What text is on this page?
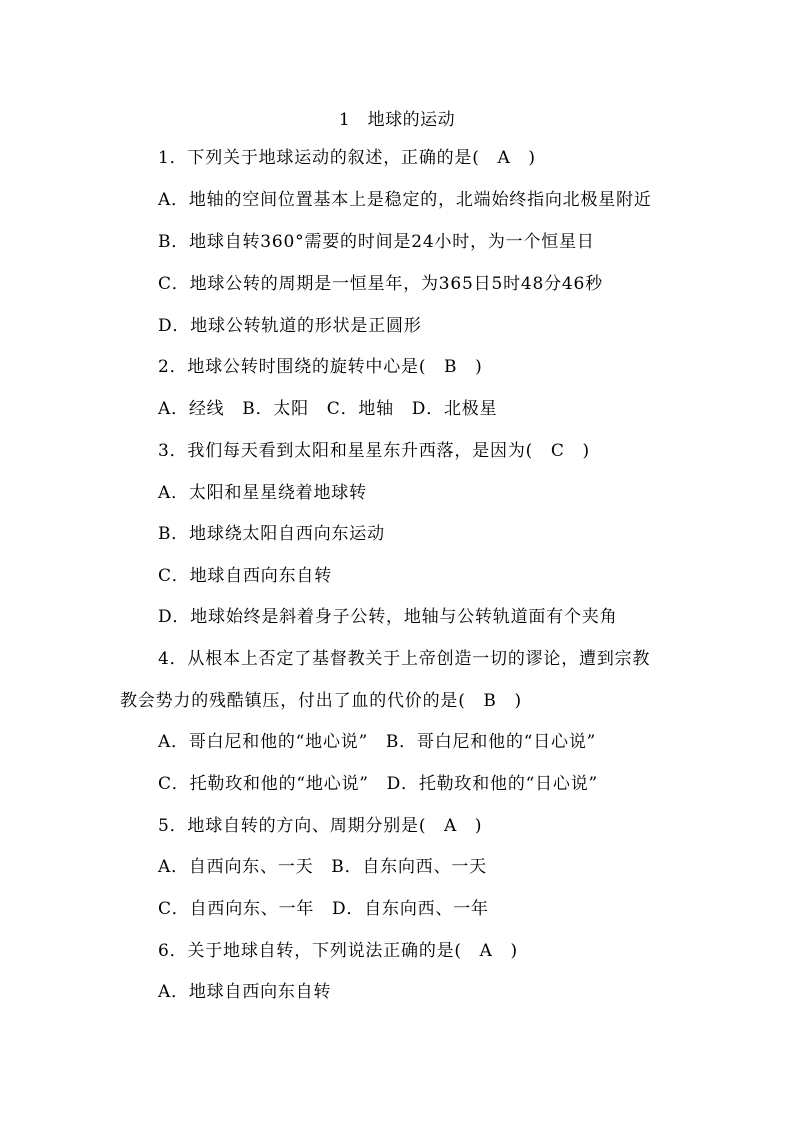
1　地球的运动
1．下列关于地球运动的叙述，正确的是(　A　)
A．地轴的空间位置基本上是稳定的，北端始终指向北极星附近
B．地球自转360°需要的时间是24小时，为一个恒星日
C．地球公转的周期是一恒星年，为365日5时48分46秒
D．地球公转轨道的形状是正圆形
2．地球公转时围绕的旋转中心是(　B　)
A．经线　B．太阳　C．地轴　D．北极星
3．我们每天看到太阳和星星东升西落，是因为(　C　)
A．太阳和星星绕着地球转
B．地球绕太阳自西向东运动
C．地球自西向东自转
D．地球始终是斜着身子公转，地轴与公转轨道面有个夹角
4．从根本上否定了基督教关于上帝创造一切的谬论，遭到宗教
教会势力的残酷镇压，付出了血的代价的是(　B　)
A．哥白尼和他的“地心说”　B．哥白尼和他的“日心说”
C．托勒玫和他的“地心说”　D．托勒玫和他的“日心说”
5．地球自转的方向、周期分别是(　A　)
A．自西向东、一天　B．自东向西、一天
C．自西向东、一年　D．自东向西、一年
6．关于地球自转，下列说法正确的是(　A　)
A．地球自西向东自转
